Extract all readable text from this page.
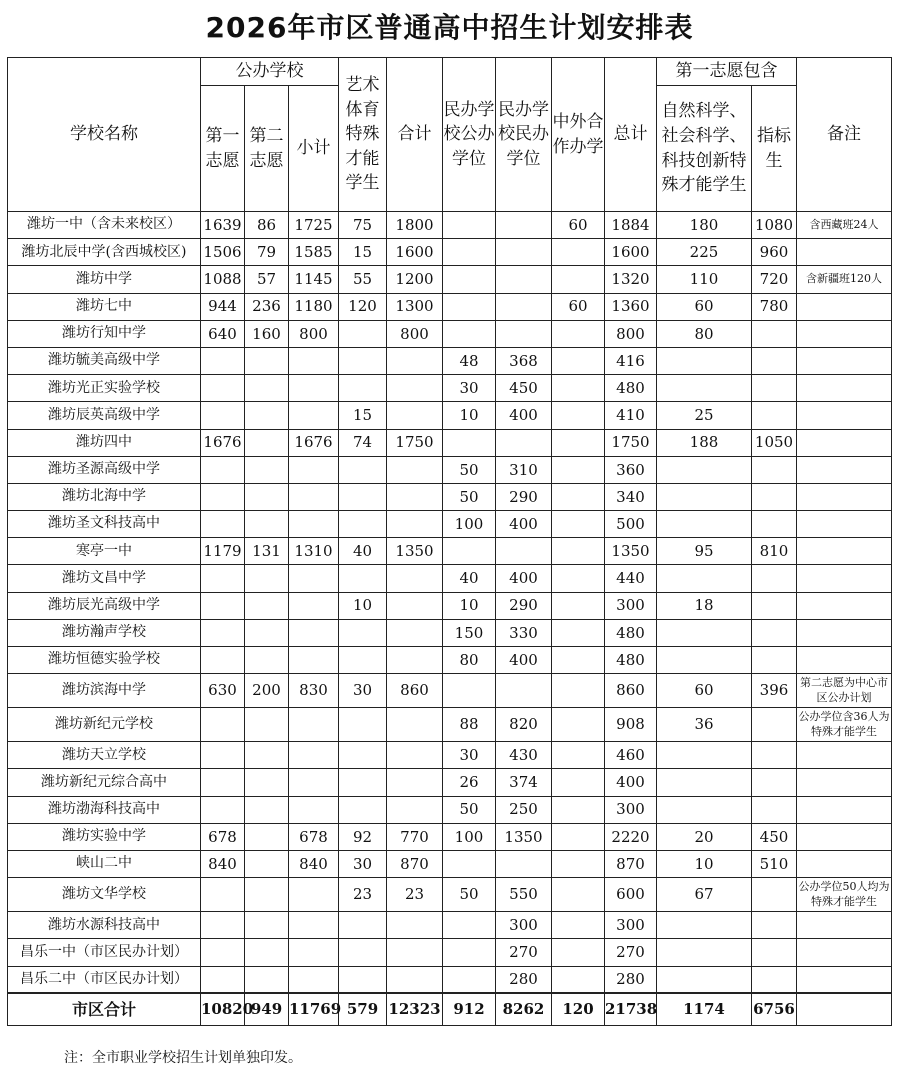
2026年市区普通高中招生计划安排表
学校名称	公办学校			艺术体育特殊才能学生	合计	民办学校公办学位	民办学校民办学位	中外合作办学	总计	第一志愿包含		备注
	第一志愿	第二志愿	小计							自然科学、社会科学、科技创新特殊才能学生	指标生	
潍坊一中（含未来校区）	1639	86	1725	75	1800			60	1884	180	1080	含西藏班24人
潍坊北辰中学(含西城校区)	1506	79	1585	15	1600				1600	225	960	
潍坊中学	1088	57	1145	55	1200				1320	110	720	含新疆班120人
潍坊七中	944	236	1180	120	1300			60	1360	60	780	
潍坊行知中学	640	160	800		800				800	80		
潍坊毓美高级中学						48	368		416			
潍坊光正实验学校						30	450		480			
潍坊辰英高级中学				15		10	400		410	25		
潍坊四中	1676		1676	74	1750				1750	188	1050	
潍坊圣源高级中学						50	310		360			
潍坊北海中学						50	290		340			
潍坊圣文科技高中						100	400		500			
寒亭一中	1179	131	1310	40	1350				1350	95	810	
潍坊文昌中学						40	400		440			
潍坊辰光高级中学				10		10	290		300	18		
潍坊瀚声学校						150	330		480			
潍坊恒德实验学校						80	400		480			
潍坊滨海中学	630	200	830	30	860				860	60	396	第二志愿为中心市区公办计划
潍坊新纪元学校						88	820		908	36		公办学位含36人为特殊才能学生
潍坊天立学校						30	430		460			
潍坊新纪元综合高中						26	374		400			
潍坊渤海科技高中						50	250		300			
潍坊实验中学	678		678	92	770	100	1350		2220	20	450	
峡山二中	840		840	30	870				870	10	510	
潍坊文华学校				23	23	50	550		600	67		公办学位50人均为特殊才能学生
潍坊水源科技高中							300		300			
昌乐一中（市区民办计划）							270		270			
昌乐二中（市区民办计划）							280		280			
市区合计	10820	949	11769	579	12323	912	8262	120	21738	1174	6756	
注：全市职业学校招生计划单独印发。
